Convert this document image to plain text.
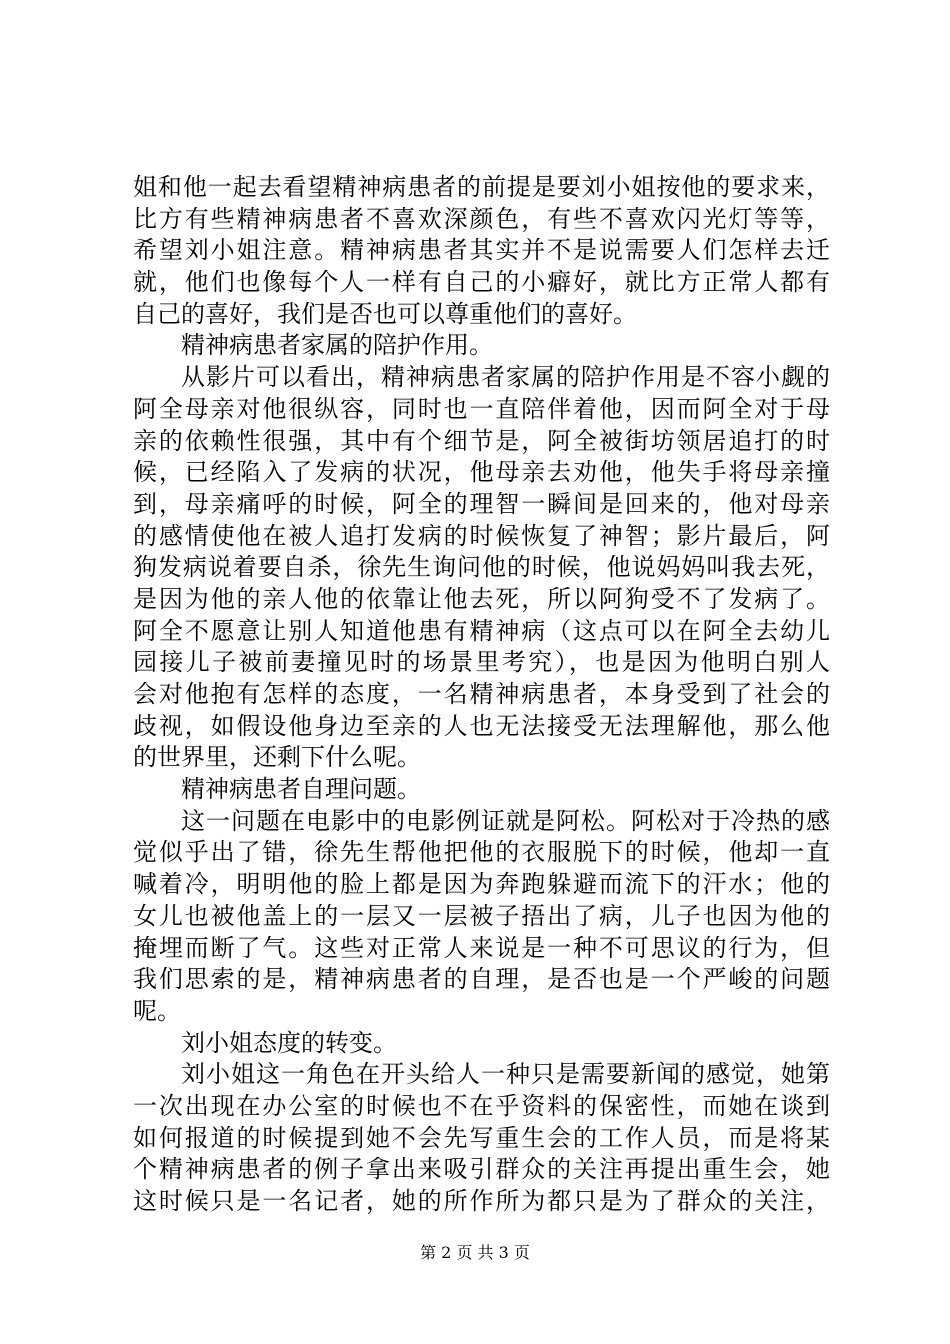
姐和他一起去看望精神病患者的前提是要刘小姐按他的要求来，
比方有些精神病患者不喜欢深颜色，有些不喜欢闪光灯等等，
希望刘小姐注意。精神病患者其实并不是说需要人们怎样去迁
就，他们也像每个人一样有自己的小癖好，就比方正常人都有
自己的喜好，我们是否也可以尊重他们的喜好。
精神病患者家属的陪护作用。
从影片可以看出，精神病患者家属的陪护作用是不容小觑的
阿全母亲对他很纵容，同时也一直陪伴着他，因而阿全对于母
亲的依赖性很强，其中有个细节是，阿全被街坊领居追打的时
候，已经陷入了发病的状况，他母亲去劝他，他失手将母亲撞
到，母亲痛呼的时候，阿全的理智一瞬间是回来的，他对母亲
的感情使他在被人追打发病的时候恢复了神智；影片最后，阿
狗发病说着要自杀，徐先生询问他的时候，他说妈妈叫我去死，
是因为他的亲人他的依靠让他去死，所以阿狗受不了发病了。
阿全不愿意让别人知道他患有精神病（这点可以在阿全去幼儿
园接儿子被前妻撞见时的场景里考究），也是因为他明白别人
会对他抱有怎样的态度，一名精神病患者，本身受到了社会的
歧视，如假设他身边至亲的人也无法接受无法理解他，那么他
的世界里，还剩下什么呢。
精神病患者自理问题。
这一问题在电影中的电影例证就是阿松。阿松对于冷热的感
觉似乎出了错，徐先生帮他把他的衣服脱下的时候，他却一直
喊着冷，明明他的脸上都是因为奔跑躲避而流下的汗水；他的
女儿也被他盖上的一层又一层被子捂出了病，儿子也因为他的
掩埋而断了气。这些对正常人来说是一种不可思议的行为，但
我们思索的是，精神病患者的自理，是否也是一个严峻的问题
呢。
刘小姐态度的转变。
刘小姐这一角色在开头给人一种只是需要新闻的感觉，她第
一次出现在办公室的时候也不在乎资料的保密性，而她在谈到
如何报道的时候提到她不会先写重生会的工作人员，而是将某
个精神病患者的例子拿出来吸引群众的关注再提出重生会，她
这时候只是一名记者，她的所作所为都只是为了群众的关注，
第 2 页 共 3 页
